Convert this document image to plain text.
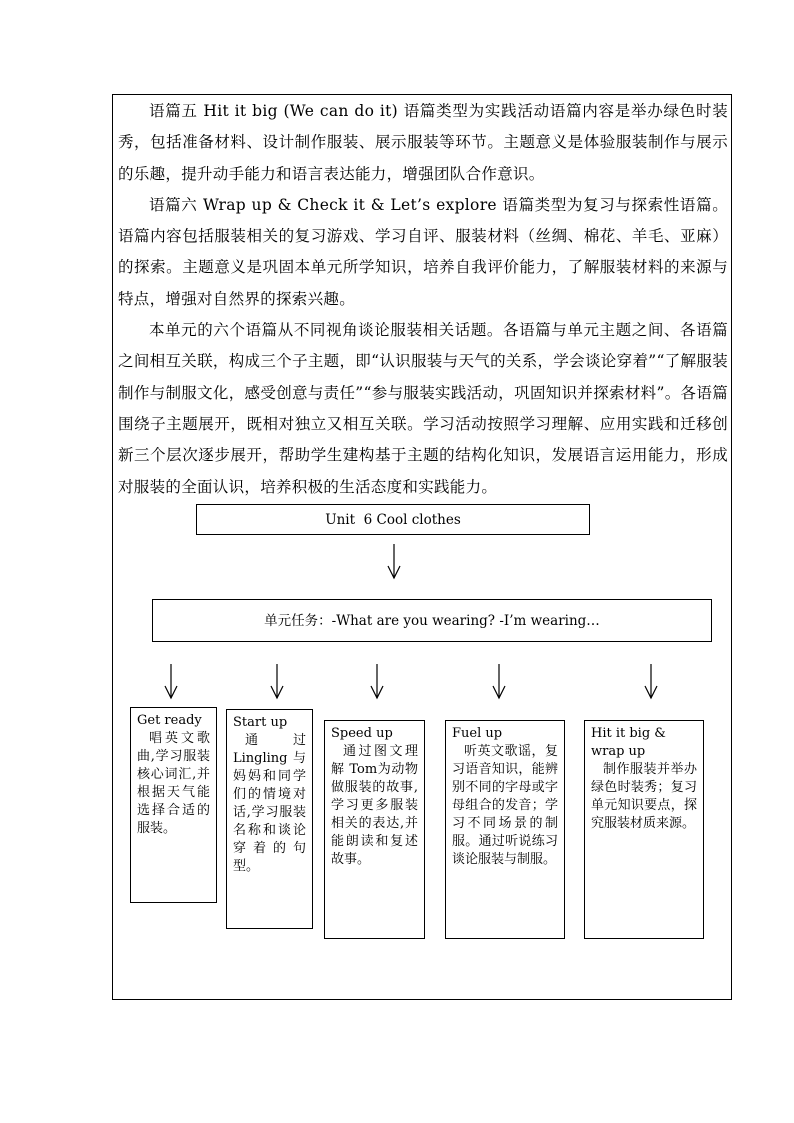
语篇五 Hit it big (We can do it) 语篇类型为实践活动语篇内容是举办绿色时装秀，包括准备材料、设计制作服装、展示服装等环节。主题意义是体验服装制作与展示的乐趣，提升动手能力和语言表达能力，增强团队合作意识。

语篇六 Wrap up & Check it & Let’s explore 语篇类型为复习与探索性语篇。语篇内容包括服装相关的复习游戏、学习自评、服装材料（丝绸、棉花、羊毛、亚麻）的探索。主题意义是巩固本单元所学知识，培养自我评价能力，了解服装材料的来源与特点，增强对自然界的探索兴趣。

本单元的六个语篇从不同视角谈论服装相关话题。各语篇与单元主题之间、各语篇之间相互关联，构成三个子主题，即“认识服装与天气的关系，学会谈论穿着”“了解服装制作与制服文化，感受创意与责任”“参与服装实践活动，巩固知识并探索材料”。各语篇围绕子主题展开，既相对独立又相互关联。学习活动按照学习理解、应用实践和迁移创新三个层次逐步展开，帮助学生建构基于主题的结构化知识，发展语言运用能力，形成对服装的全面认识，培养积极的生活态度和实践能力。

Unit  6 Cool clothes
单元任务：-What are you wearing? -I’m wearing…
Get ready
唱英文歌曲,学习服装核心词汇,并根据天气能选择合适的服装。
Start up
通过Lingling与妈妈和同学们的情境对话,学习服装名称和谈论穿着的句型。
Speed up
通过图文理解 Tom为动物做服装的故事,学习更多服装相关的表达,并能朗读和复述故事。
Fuel up
听英文歌谣，复习语音知识，能辨别不同的字母或字母组合的发音；学习不同场景的制服。通过听说练习谈论服装与制服。
Hit it big & wrap up
制作服装并举办绿色时装秀；复习单元知识要点，探究服装材质来源。
